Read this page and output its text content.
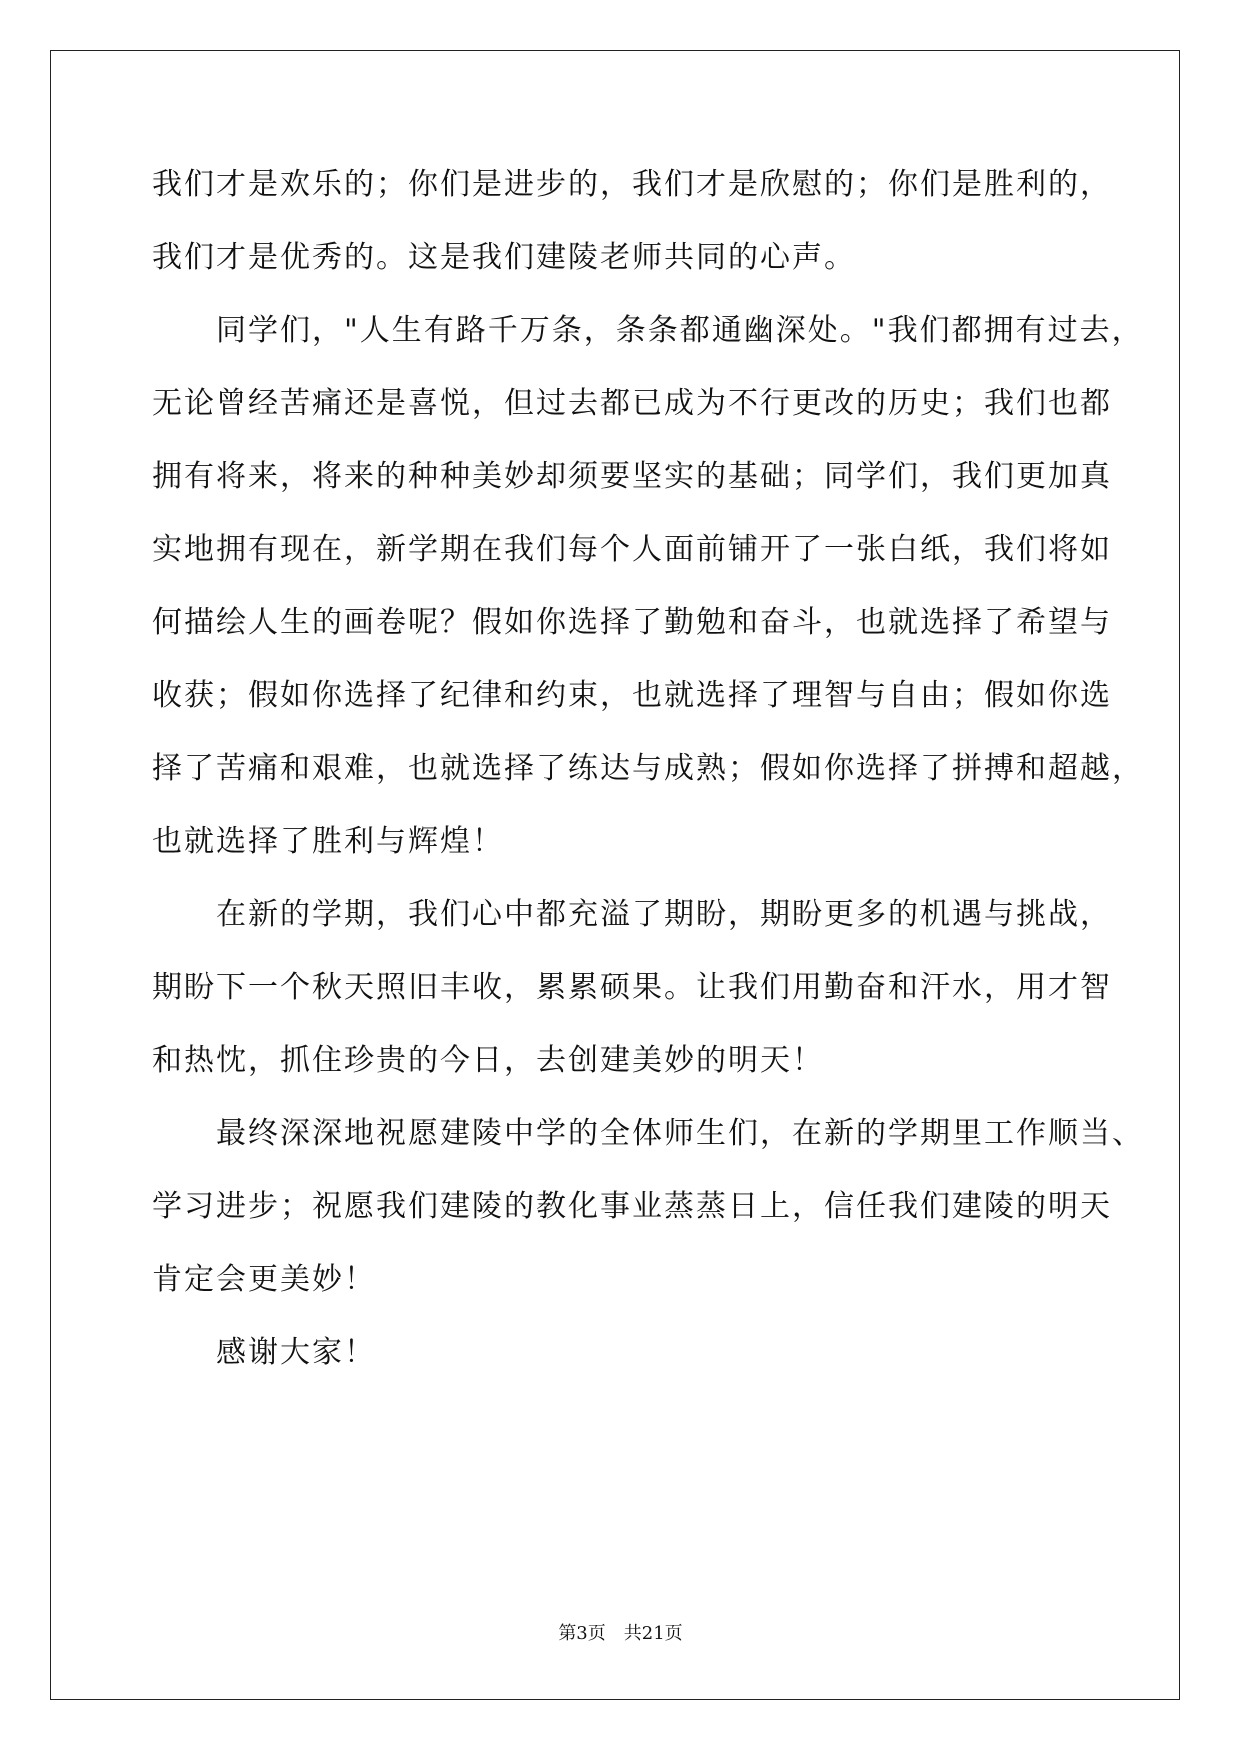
我们才是欢乐的；你们是进步的，我们才是欣慰的；你们是胜利的，
我们才是优秀的。这是我们建陵老师共同的心声。
同学们，"人生有路千万条，条条都通幽深处。"我们都拥有过去，
无论曾经苦痛还是喜悦，但过去都已成为不行更改的历史；我们也都
拥有将来，将来的种种美妙却须要坚实的基础；同学们，我们更加真
实地拥有现在，新学期在我们每个人面前铺开了一张白纸，我们将如
何描绘人生的画卷呢？假如你选择了勤勉和奋斗，也就选择了希望与
收获；假如你选择了纪律和约束，也就选择了理智与自由；假如你选
择了苦痛和艰难，也就选择了练达与成熟；假如你选择了拼搏和超越，
也就选择了胜利与辉煌！
在新的学期，我们心中都充溢了期盼，期盼更多的机遇与挑战，
期盼下一个秋天照旧丰收，累累硕果。让我们用勤奋和汗水，用才智
和热忱，抓住珍贵的今日，去创建美妙的明天！
最终深深地祝愿建陵中学的全体师生们，在新的学期里工作顺当、
学习进步；祝愿我们建陵的教化事业蒸蒸日上，信任我们建陵的明天
肯定会更美妙！
感谢大家！
第3页 共21页
